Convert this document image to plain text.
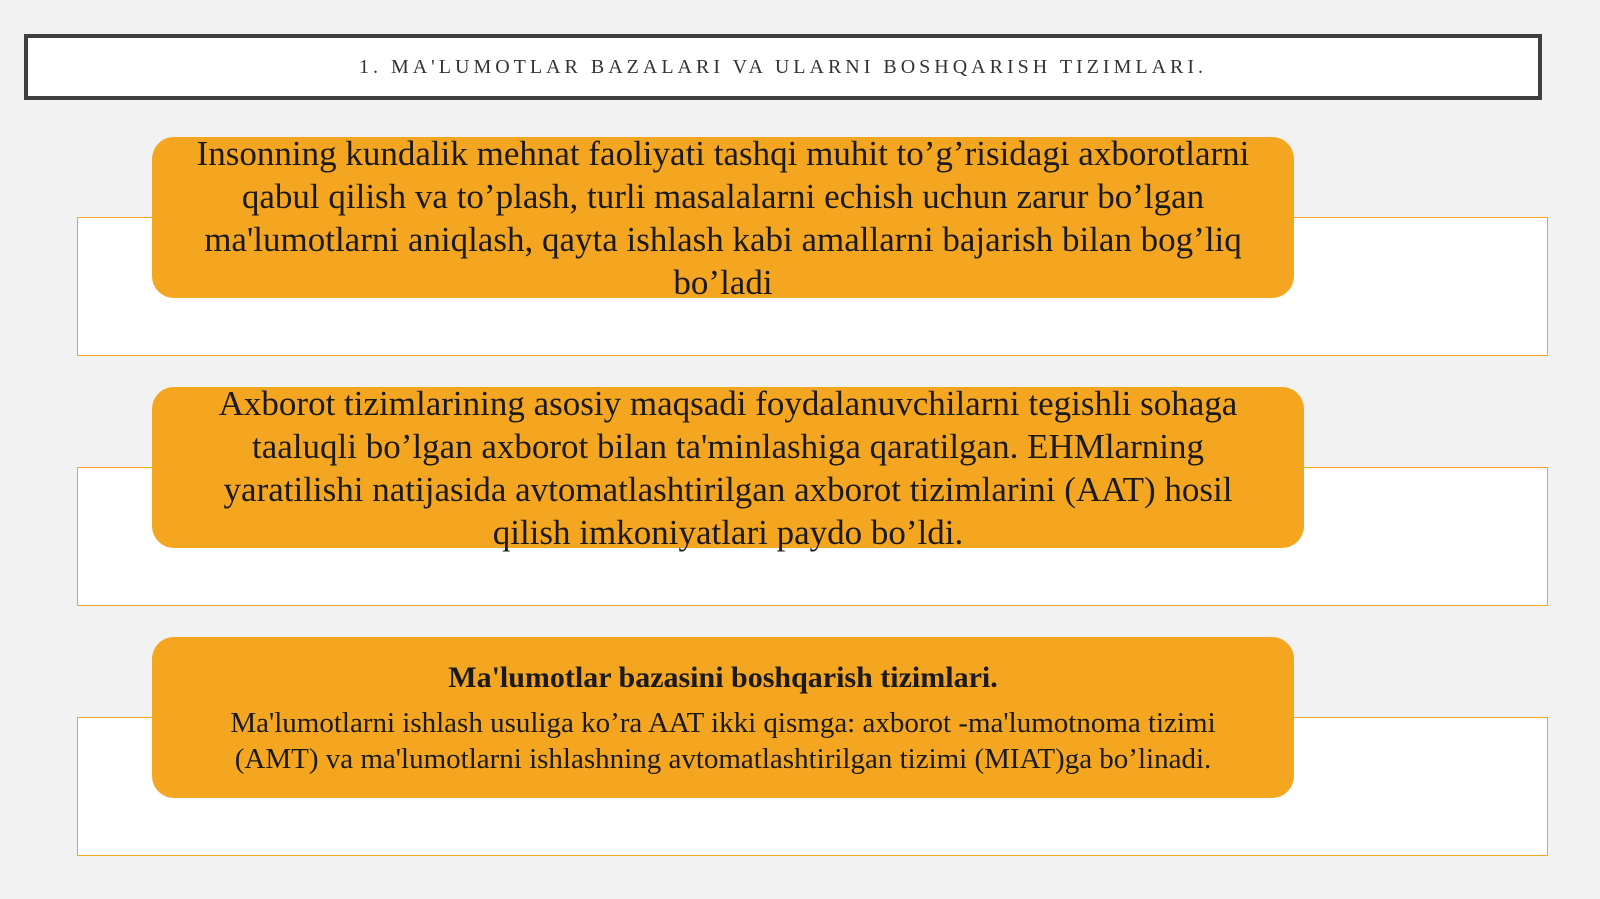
1. MA'LUMOTLAR BAZALARI VA ULARNI BOSHQARISH TIZIMLARI.
Insonning kundalik mehnat faoliyati tashqi muhit to’g’risidagi axborotlarni qabul qilish va to’plash, turli masalalarni echish uchun zarur bo’lgan ma'lumotlarni aniqlash, qayta ishlash kabi amallarni bajarish bilan bog’liq bo’ladi
Axborot tizimlarining asosiy maqsadi foydalanuvchilarni tegishli sohaga taaluqli bo’lgan axborot bilan ta'minlashiga qaratilgan. EHMlarning yaratilishi natijasida avtomatlashtirilgan axborot tizimlarini (AAT) hosil qilish imkoniyatlari paydo bo’ldi.
Ma'lumotlar bazasini boshqarish tizimlari.
Ma'lumotlarni ishlash usuliga ko’ra AAT ikki qismga: axborot -ma'lumotnoma tizimi (AMT) va ma'lumotlarni ishlashning avtomatlashtirilgan tizimi (MIAT)ga bo’linadi.
